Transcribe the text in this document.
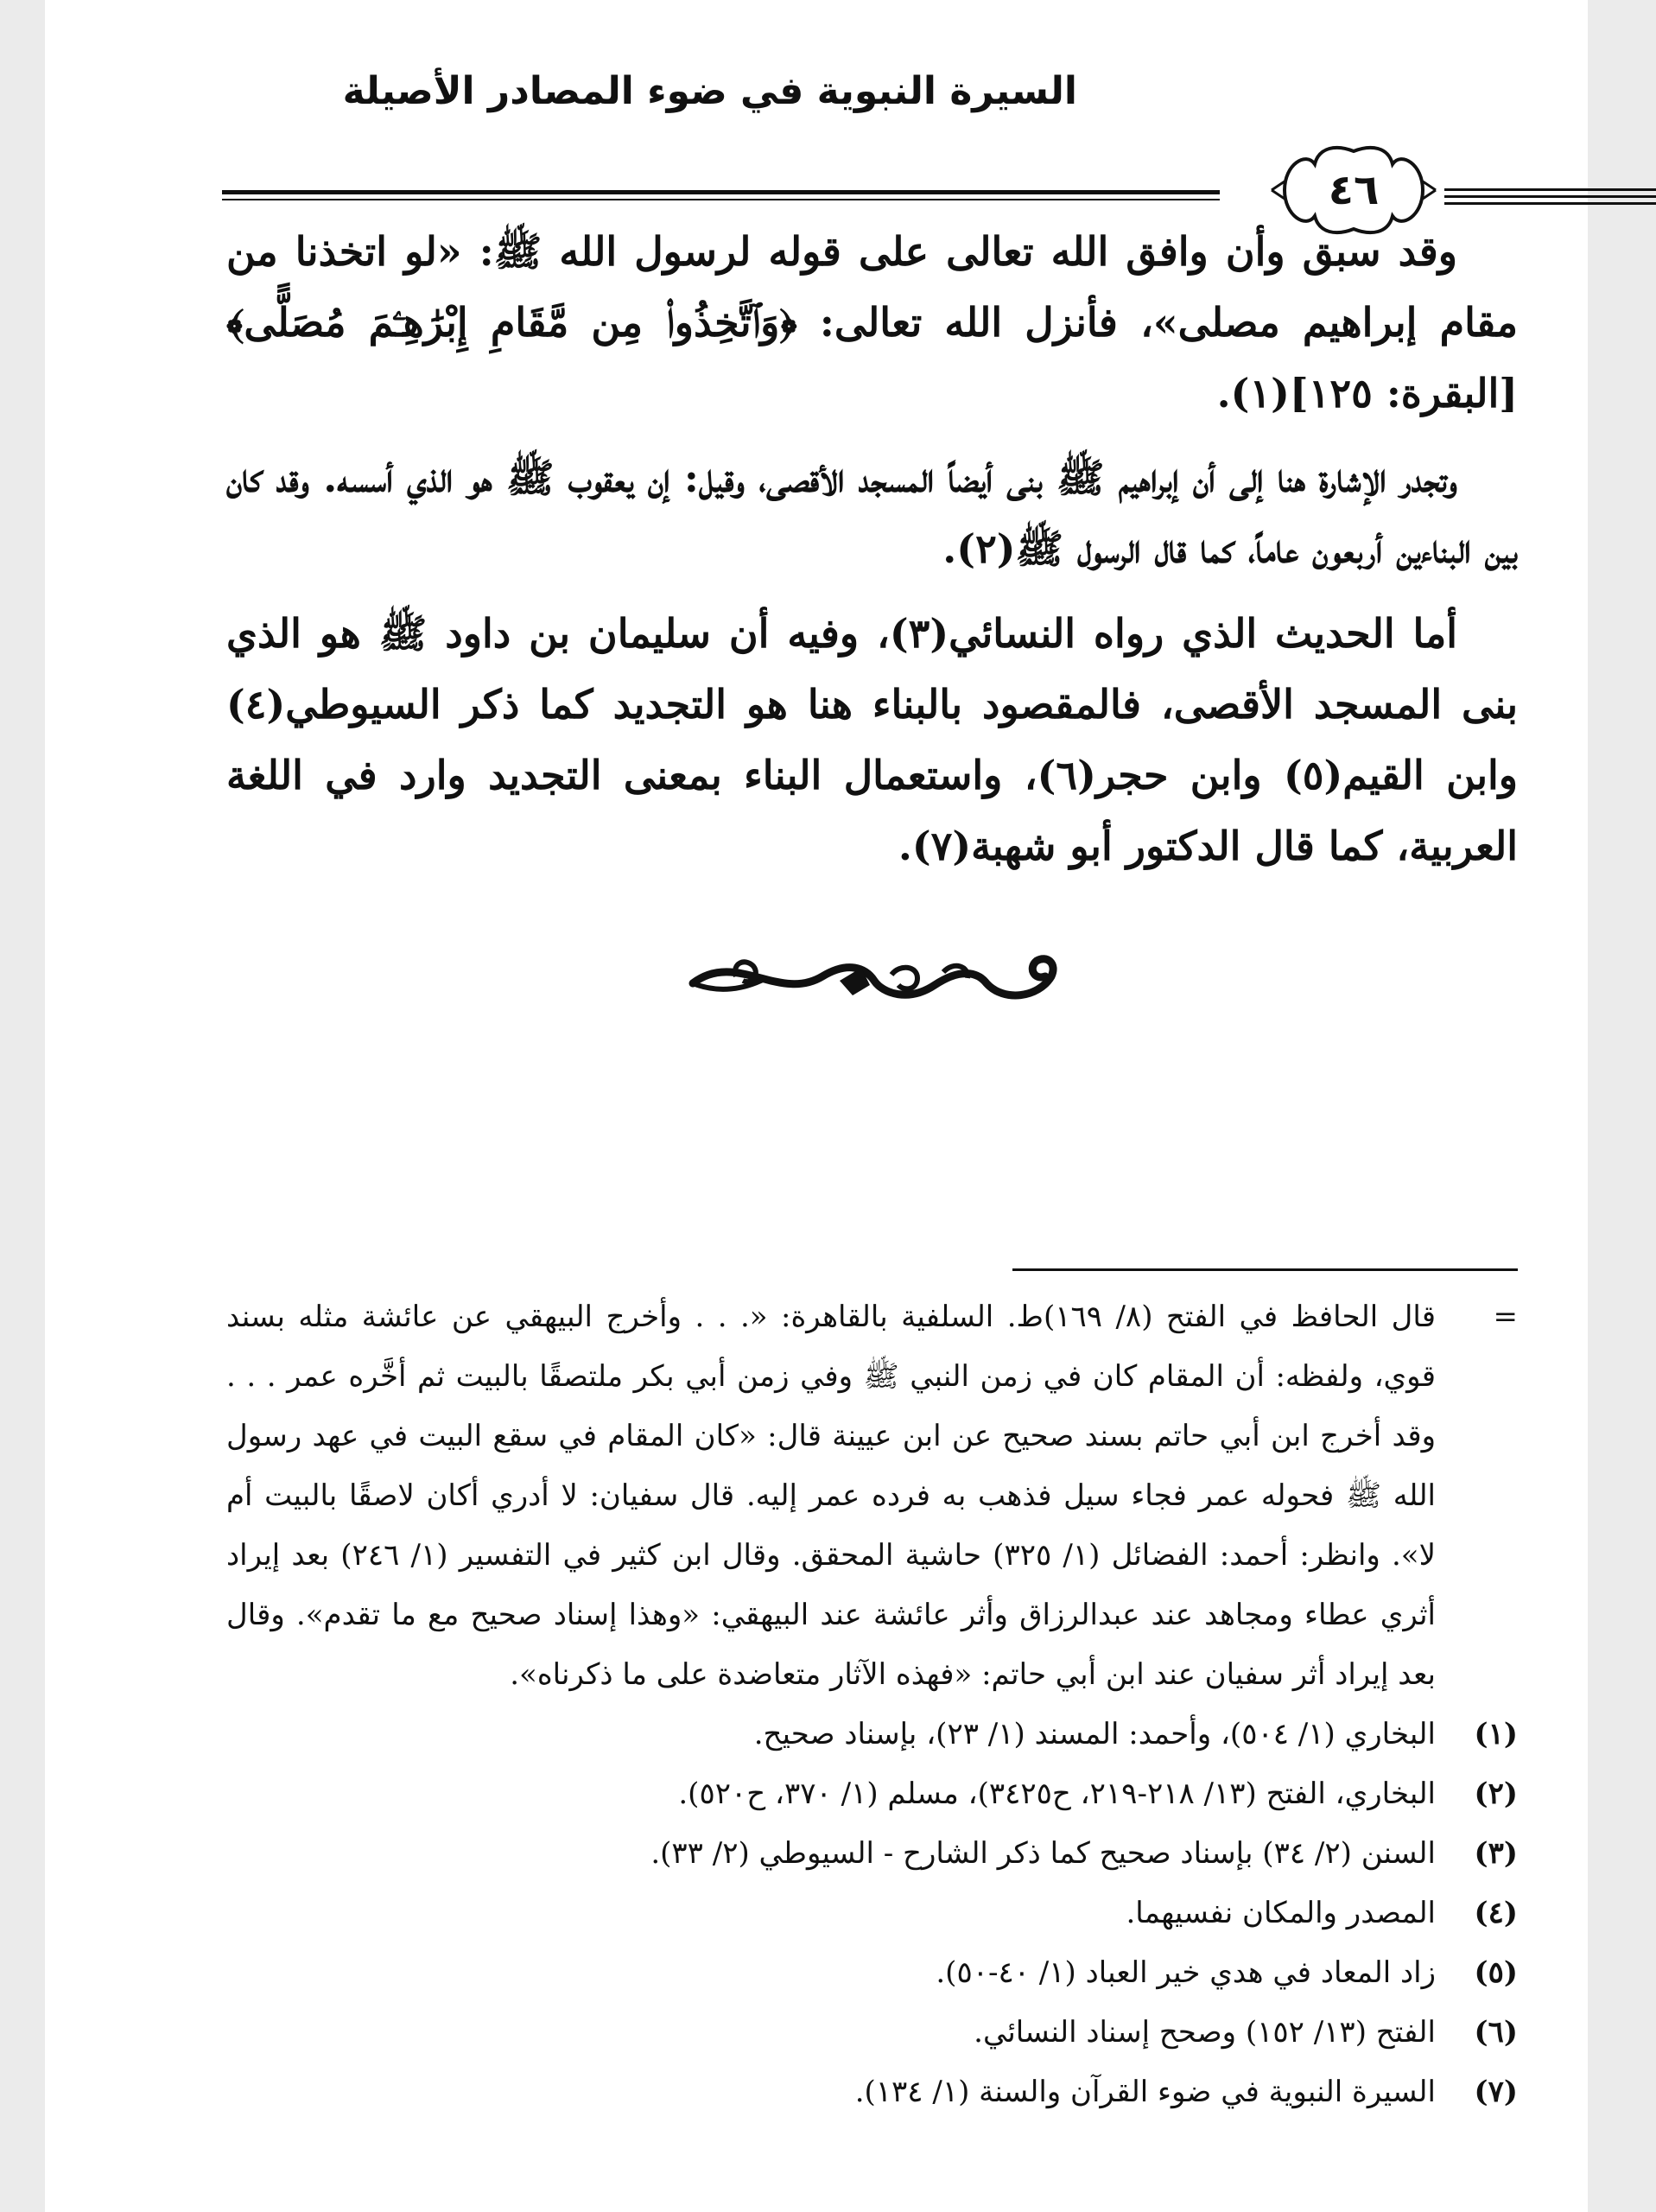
السيرة النبوية في ضوء المصادر الأصيلة
٤٦

وقد سبق وأن وافق الله تعالى على قوله لرسول الله ﷺ: «لو اتخذنا من مقام إبراهيم مصلى»، فأنزل الله تعالى: ﴿وَٱتَّخِذُوا۟ مِن مَّقَامِ إِبْرَٰهِـۧمَ مُصَلًّى﴾ [البقرة: ١٢٥](١).

وتجدر الإشارة هنا إلى أن إبراهيم ﷺ بنى أيضاً المسجد الأقصى، وقيل: إن يعقوب ﷺ هو الذي أسسه. وقد كان بين البناءين أربعون عاماً، كما قال الرسول ﷺ(٢).

أما الحديث الذي رواه النسائي(٣)، وفيه أن سليمان بن داود ﷺ هو الذي بنى المسجد الأقصى، فالمقصود بالبناء هنا هو التجديد كما ذكر السيوطي(٤) وابن القيم(٥) وابن حجر(٦)، واستعمال البناء بمعنى التجديد وارد في اللغة العربية، كما قال الدكتور أبو شهبة(٧).

=
قال الحافظ في الفتح (٨/ ١٦٩)ط. السلفية بالقاهرة: «. . . وأخرج البيهقي عن عائشة مثله بسند قوي، ولفظه: أن المقام كان في زمن النبي ﷺ وفي زمن أبي بكر ملتصقًا بالبيت ثم أخَّره عمر . . . وقد أخرج ابن أبي حاتم بسند صحيح عن ابن عيينة قال: «كان المقام في سقع البيت في عهد رسول الله ﷺ فحوله عمر فجاء سيل فذهب به فرده عمر إليه. قال سفيان: لا أدري أكان لاصقًا بالبيت أم لا». وانظر: أحمد: الفضائل (١/ ٣٢٥) حاشية المحقق. وقال ابن كثير في التفسير (١/ ٢٤٦) بعد إيراد أثري عطاء ومجاهد عند عبدالرزاق وأثر عائشة عند البيهقي: «وهذا إسناد صحيح مع ما تقدم». وقال بعد إيراد أثر سفيان عند ابن أبي حاتم: «فهذه الآثار متعاضدة على ما ذكرناه».
(١)
البخاري (١/ ٥٠٤)، وأحمد: المسند (١/ ٢٣)، بإسناد صحيح.
(٢)
البخاري، الفتح (١٣/ ٢١٨-٢١٩، ح٣٤٢٥)، مسلم (١/ ٣٧٠، ح٥٢٠).
(٣)
السنن (٢/ ٣٤) بإسناد صحيح كما ذكر الشارح - السيوطي (٢/ ٣٣).
(٤)
المصدر والمكان نفسيهما.
(٥)
زاد المعاد في هدي خير العباد (١/ ٤٠-٥٠).
(٦)
الفتح (١٣/ ١٥٢) وصحح إسناد النسائي.
(٧)
السيرة النبوية في ضوء القرآن والسنة (١/ ١٣٤).
